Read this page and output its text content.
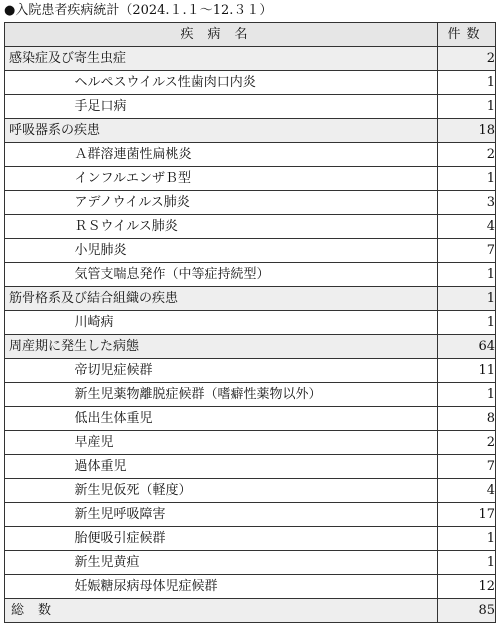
●入院患者疾病統計（2024.１.１〜12.３１）
疾病名		件数
感染症及び寄生虫症		2
	ヘルペスウイルス性歯肉口内炎	1
	手足口病	1
呼吸器系の疾患		18
	Ａ群溶連菌性扁桃炎	2
	インフルエンザＢ型	1
	アデノウイルス肺炎	3
	ＲＳウイルス肺炎	4
	小児肺炎	7
	気管支喘息発作（中等症持続型）	1
筋骨格系及び結合組織の疾患		1
	川崎病	1
周産期に発生した病態		64
	帝切児症候群	11
	新生児薬物離脱症候群（嗜癖性薬物以外）	1
	低出生体重児	8
	早産児	2
	過体重児	7
	新生児仮死（軽度）	4
	新生児呼吸障害	17
	胎便吸引症候群	1
	新生児黄疸	1
	妊娠糖尿病母体児症候群	12
総数		85
